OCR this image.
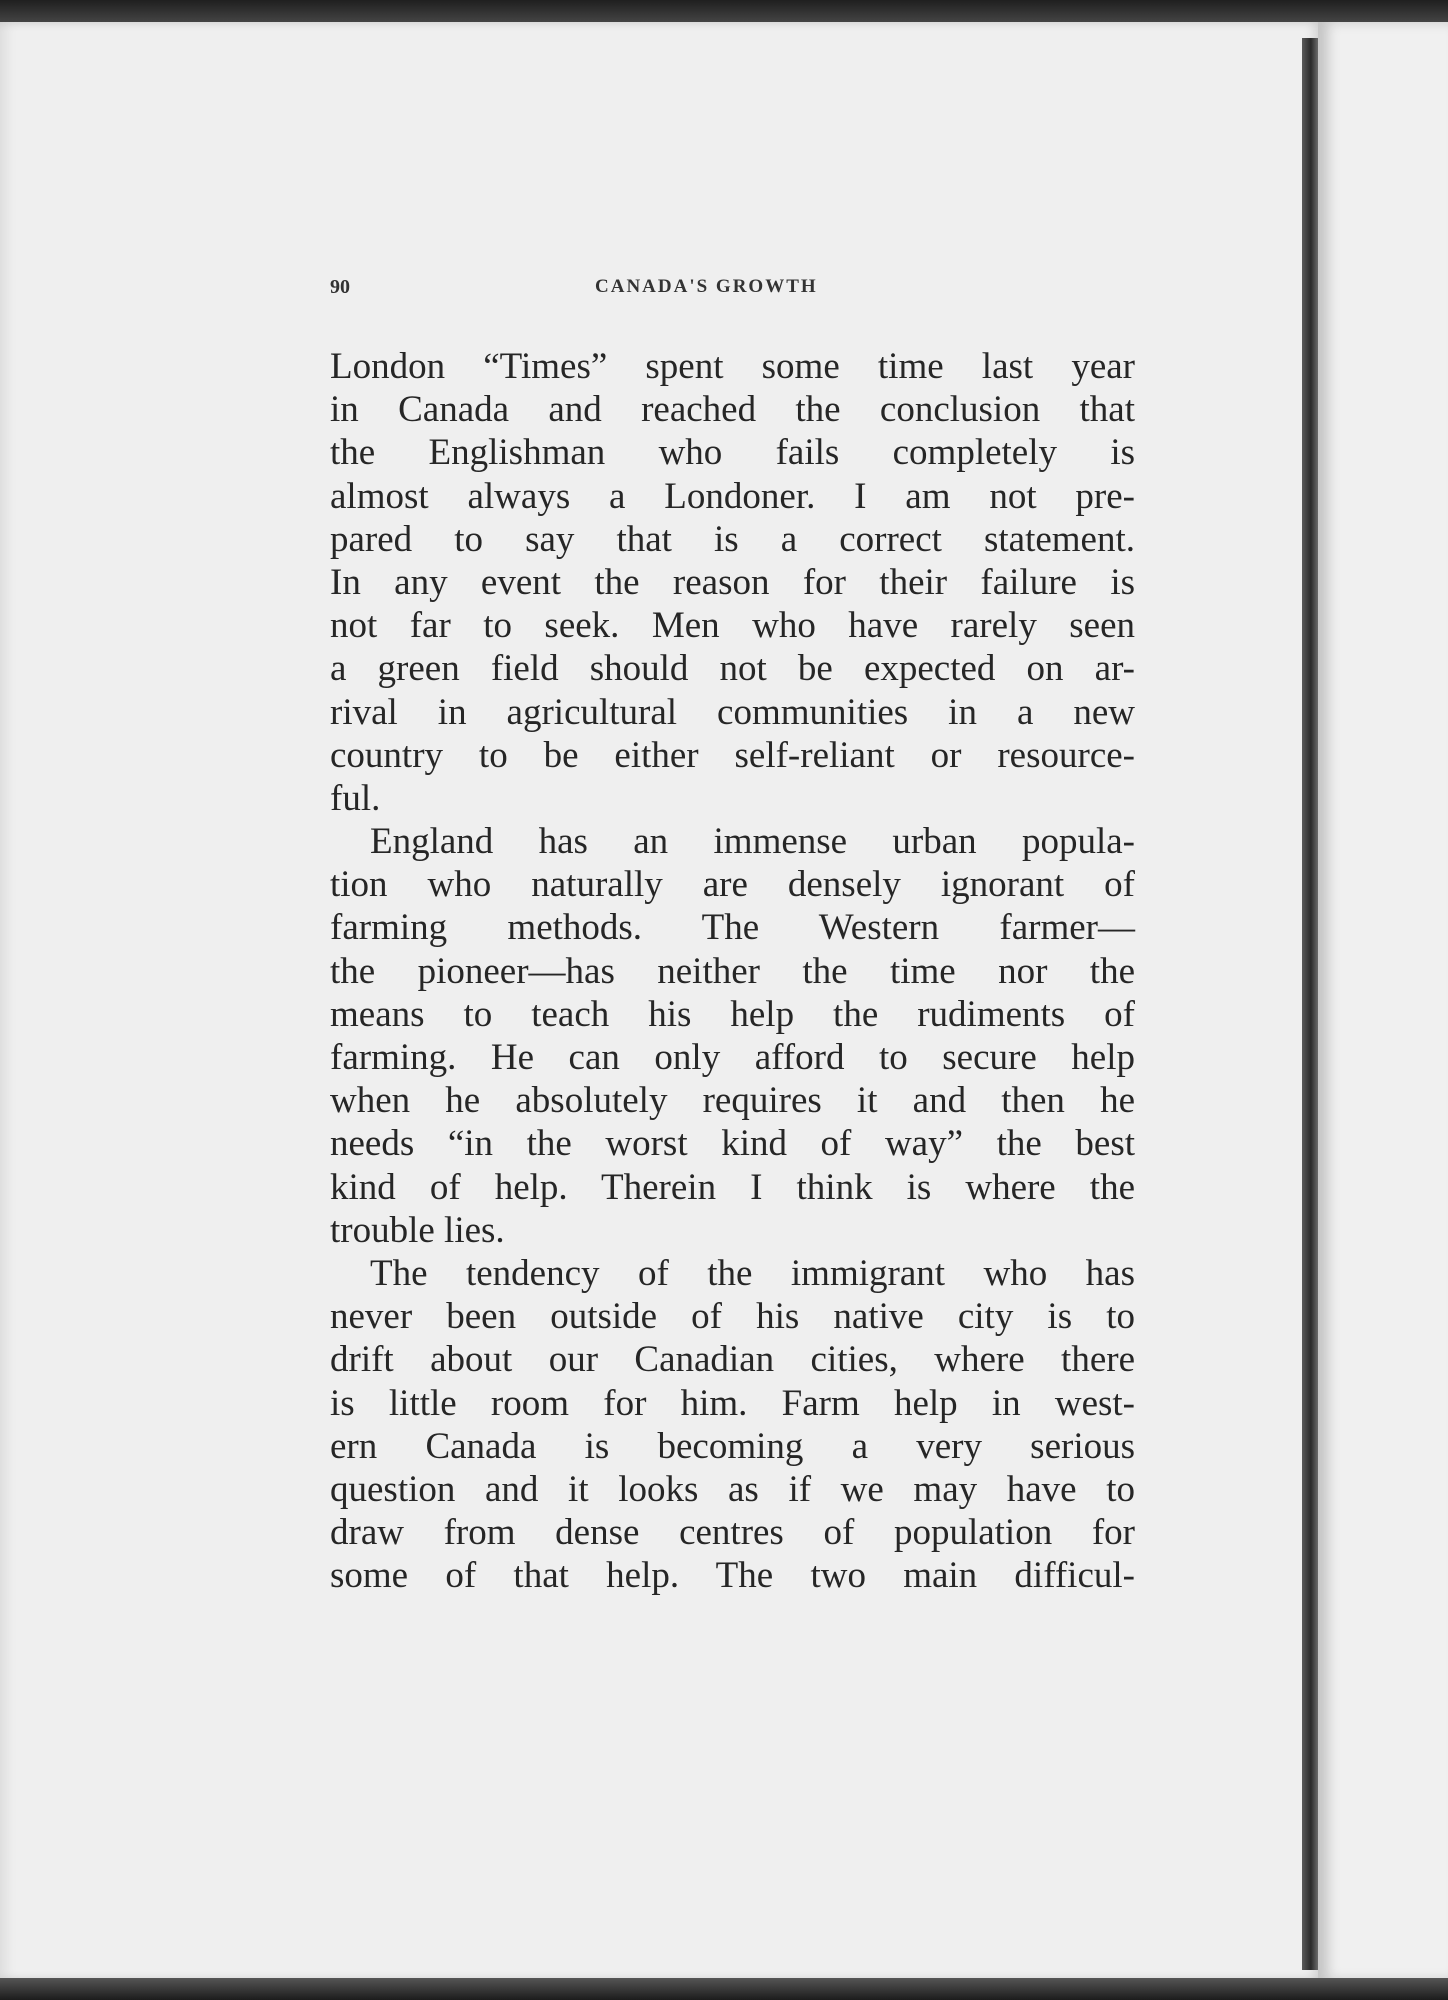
90	CANADA'S GROWTH
London “Times” spent some time last year
in Canada and reached the conclusion that
the Englishman who fails completely is
almost always a Londoner. I am not pre-
pared to say that is a correct statement.
In any event the reason for their failure is
not far to seek. Men who have rarely seen
a green field should not be expected on ar-
rival in agricultural communities in a new
country to be either self-reliant or resource-
ful.
England has an immense urban popula-
tion who naturally are densely ignorant of
farming methods. The Western farmer—
the pioneer—has neither the time nor the
means to teach his help the rudiments of
farming. He can only afford to secure help
when he absolutely requires it and then he
needs “in the worst kind of way” the best
kind of help. Therein I think is where the
trouble lies.
The tendency of the immigrant who has
never been outside of his native city is to
drift about our Canadian cities, where there
is little room for him. Farm help in west-
ern Canada is becoming a very serious
question and it looks as if we may have to
draw from dense centres of population for
some of that help. The two main difficul-
